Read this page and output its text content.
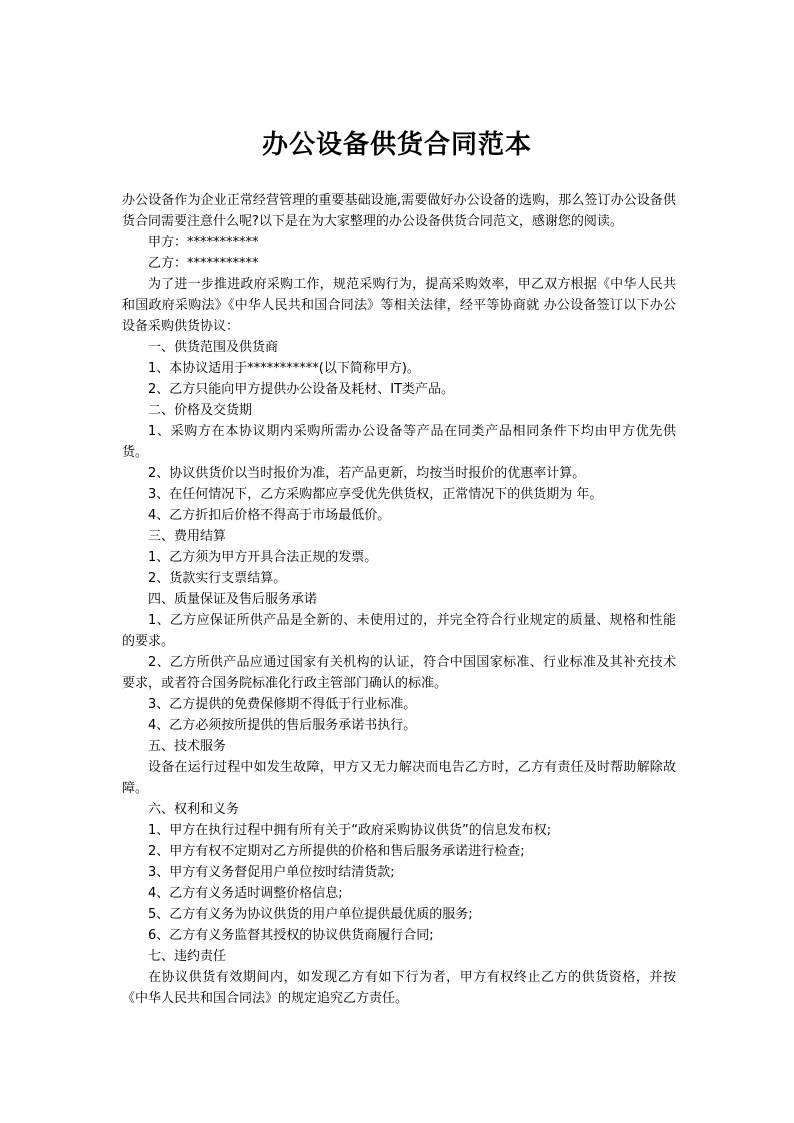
办公设备供货合同范本

办公设备作为企业正常经营管理的重要基础设施,需要做好办公设备的选购，那么签订办公设备供货合同需要注意什么呢?以下是在为大家整理的办公设备供货合同范文，感谢您的阅读。

甲方：***********

乙方：***********

为了进一步推进政府采购工作，规范采购行为，提高采购效率，甲乙双方根据《中华人民共和国政府采购法》《中华人民共和国合同法》等相关法律，经平等协商就 办公设备签订以下办公设备采购供货协议：

一、供货范围及供货商

1、本协议适用于***********(以下简称甲方)。

2、乙方只能向甲方提供办公设备及耗材、IT类产品。

二、价格及交货期

1、采购方在本协议期内采购所需办公设备等产品在同类产品相同条件下均由甲方优先供货。

2、协议供货价以当时报价为准，若产品更新，均按当时报价的优惠率计算。

3、在任何情况下，乙方采购都应享受优先供货权，正常情况下的供货期为 年。

4、乙方折扣后价格不得高于市场最低价。

三、费用结算

1、乙方须为甲方开具合法正规的发票。

2、货款实行支票结算。

四、质量保证及售后服务承诺

1、乙方应保证所供产品是全新的、未使用过的，并完全符合行业规定的质量、规格和性能的要求。

2、乙方所供产品应通过国家有关机构的认证，符合中国国家标准、行业标准及其补充技术要求，或者符合国务院标准化行政主管部门确认的标准。

3、乙方提供的免费保修期不得低于行业标准。

4、乙方必须按所提供的售后服务承诺书执行。

五、技术服务

设备在运行过程中如发生故障，甲方又无力解决而电告乙方时，乙方有责任及时帮助解除故障。

六、权利和义务

1、甲方在执行过程中拥有所有关于“政府采购协议供货”的信息发布权;

2、甲方有权不定期对乙方所提供的价格和售后服务承诺进行检查;

3、甲方有义务督促用户单位按时结清货款;

4、乙方有义务适时调整价格信息;

5、乙方有义务为协议供货的用户单位提供最优质的服务;

6、乙方有义务监督其授权的协议供货商履行合同;

七、违约责任

在协议供货有效期间内，如发现乙方有如下行为者，甲方有权终止乙方的供货资格，并按《中华人民共和国合同法》的规定追究乙方责任。
